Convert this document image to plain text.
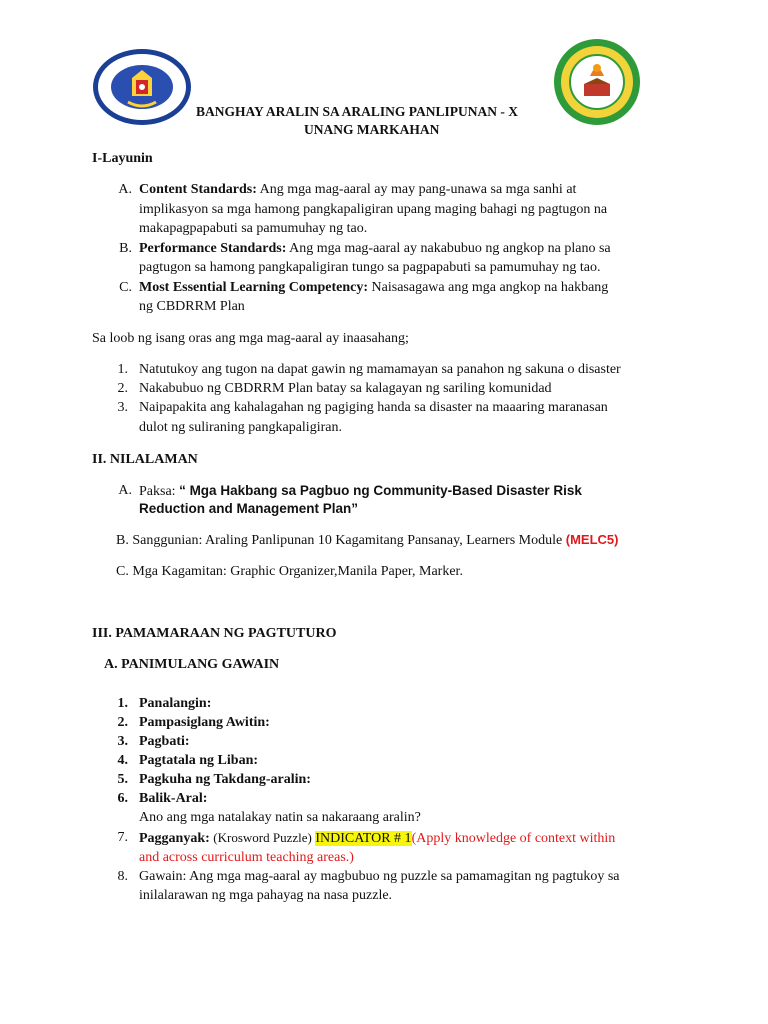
BANGHAY ARALIN SA ARALING PANLIPUNAN - X
UNANG MARKAHAN
I-Layunin
A. Content Standards: Ang mga mag-aaral ay may pang-unawa sa mga sanhi at
implikasyon sa mga hamong pangkapaligiran upang maging bahagi ng pagtugon na
makapagpapabuti sa pamumuhay ng tao.
B. Performance Standards: Ang mga mag-aaral ay nakabubuo ng angkop na plano sa
pagtugon sa hamong pangkapaligiran tungo sa pagpapabuti sa pamumuhay ng tao.
C. Most Essential Learning Competency: Naisasagawa ang mga angkop na hakbang
ng CBDRRM Plan
Sa loob ng isang oras ang mga mag-aaral ay inaasahang;
1. Natutukoy ang tugon na dapat gawin ng mamamayan sa panahon ng sakuna o disaster
2. Nakabubuo ng CBDRRM Plan batay sa kalagayan ng sariling komunidad
3. Naipapakita ang kahalagahan ng pagiging handa sa disaster na maaaring maranasan
dulot ng suliraning pangkapaligiran.
II. NILALAMAN
A. Paksa: “ Mga Hakbang sa Pagbuo ng Community-Based Disaster Risk
Reduction and Management Plan”
B. Sanggunian: Araling Panlipunan 10 Kagamitang Pansanay, Learners Module (MELC5)
C. Mga Kagamitan: Graphic Organizer,Manila Paper, Marker.
III. PAMAMARAAN NG PAGTUTURO
A. PANIMULANG GAWAIN
1. Panalangin:
2. Pampasiglang Awitin:
3. Pagbati:
4. Pagtatala ng Liban:
5. Pagkuha ng Takdang-aralin:
6. Balik-Aral:
Ano ang mga natalakay natin sa nakaraang aralin?
7. Pagganyak: (Krosword Puzzle) INDICATOR # 1(Apply knowledge of context within
and across curriculum teaching areas.)
8. Gawain: Ang mga mag-aaral ay magbubuo ng puzzle sa pamamagitan ng pagtukoy sa
inilalarawan ng mga pahayag na nasa puzzle.
